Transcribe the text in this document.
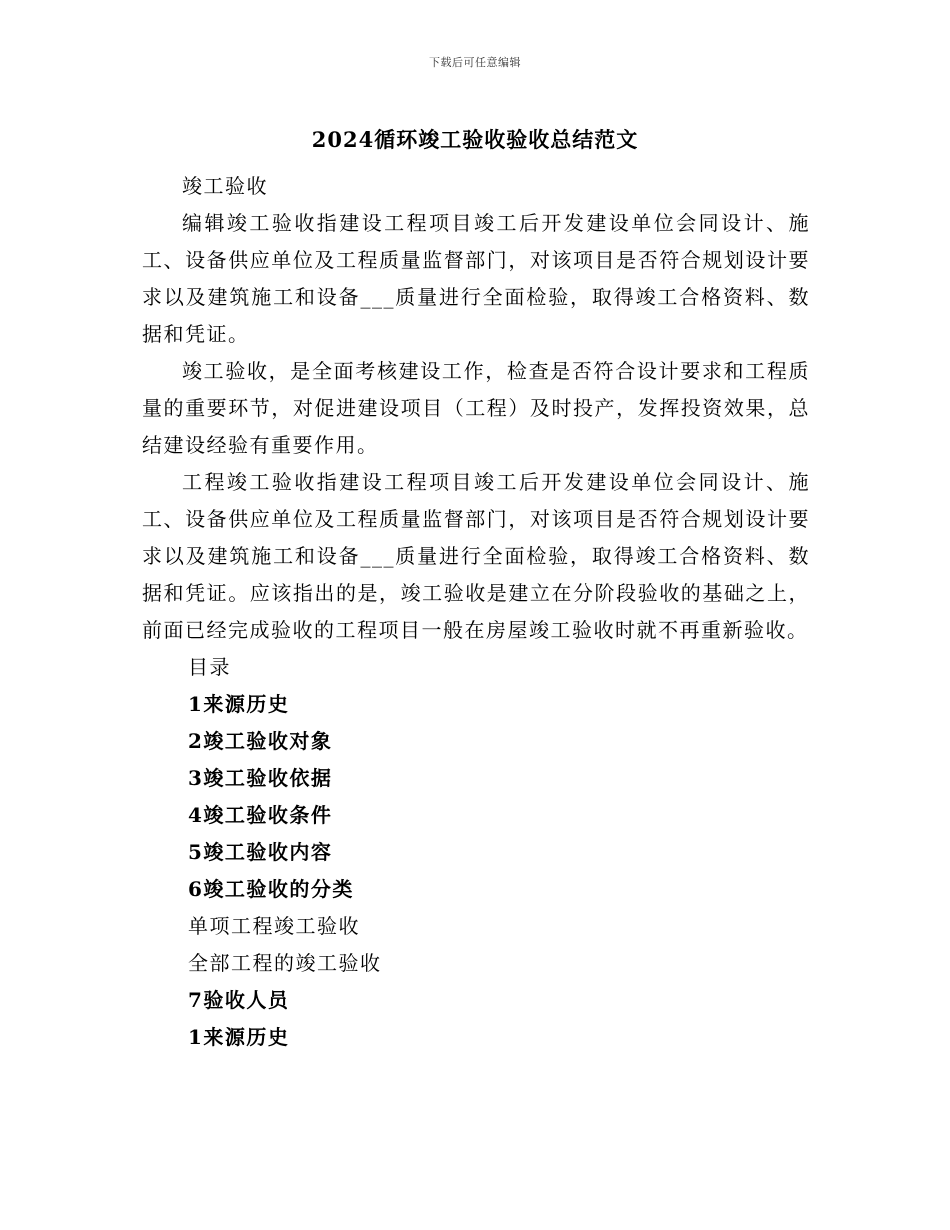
下载后可任意编辑
2024循环竣工验收验收总结范文

竣工验收

编辑竣工验收指建设工程项目竣工后开发建设单位会同设计、施工、设备供应单位及工程质量监督部门，对该项目是否符合规划设计要求以及建筑施工和设备___质量进行全面检验，取得竣工合格资料、数据和凭证。

竣工验收，是全面考核建设工作，检查是否符合设计要求和工程质量的重要环节，对促进建设项目（工程）及时投产，发挥投资效果，总结建设经验有重要作用。

工程竣工验收指建设工程项目竣工后开发建设单位会同设计、施工、设备供应单位及工程质量监督部门，对该项目是否符合规划设计要求以及建筑施工和设备___质量进行全面检验，取得竣工合格资料、数据和凭证。应该指出的是，竣工验收是建立在分阶段验收的基础之上，前面已经完成验收的工程项目一般在房屋竣工验收时就不再重新验收。

目录

1来源历史

2竣工验收对象

3竣工验收依据

4竣工验收条件

5竣工验收内容

6竣工验收的分类

单项工程竣工验收

全部工程的竣工验收

7验收人员

1来源历史
